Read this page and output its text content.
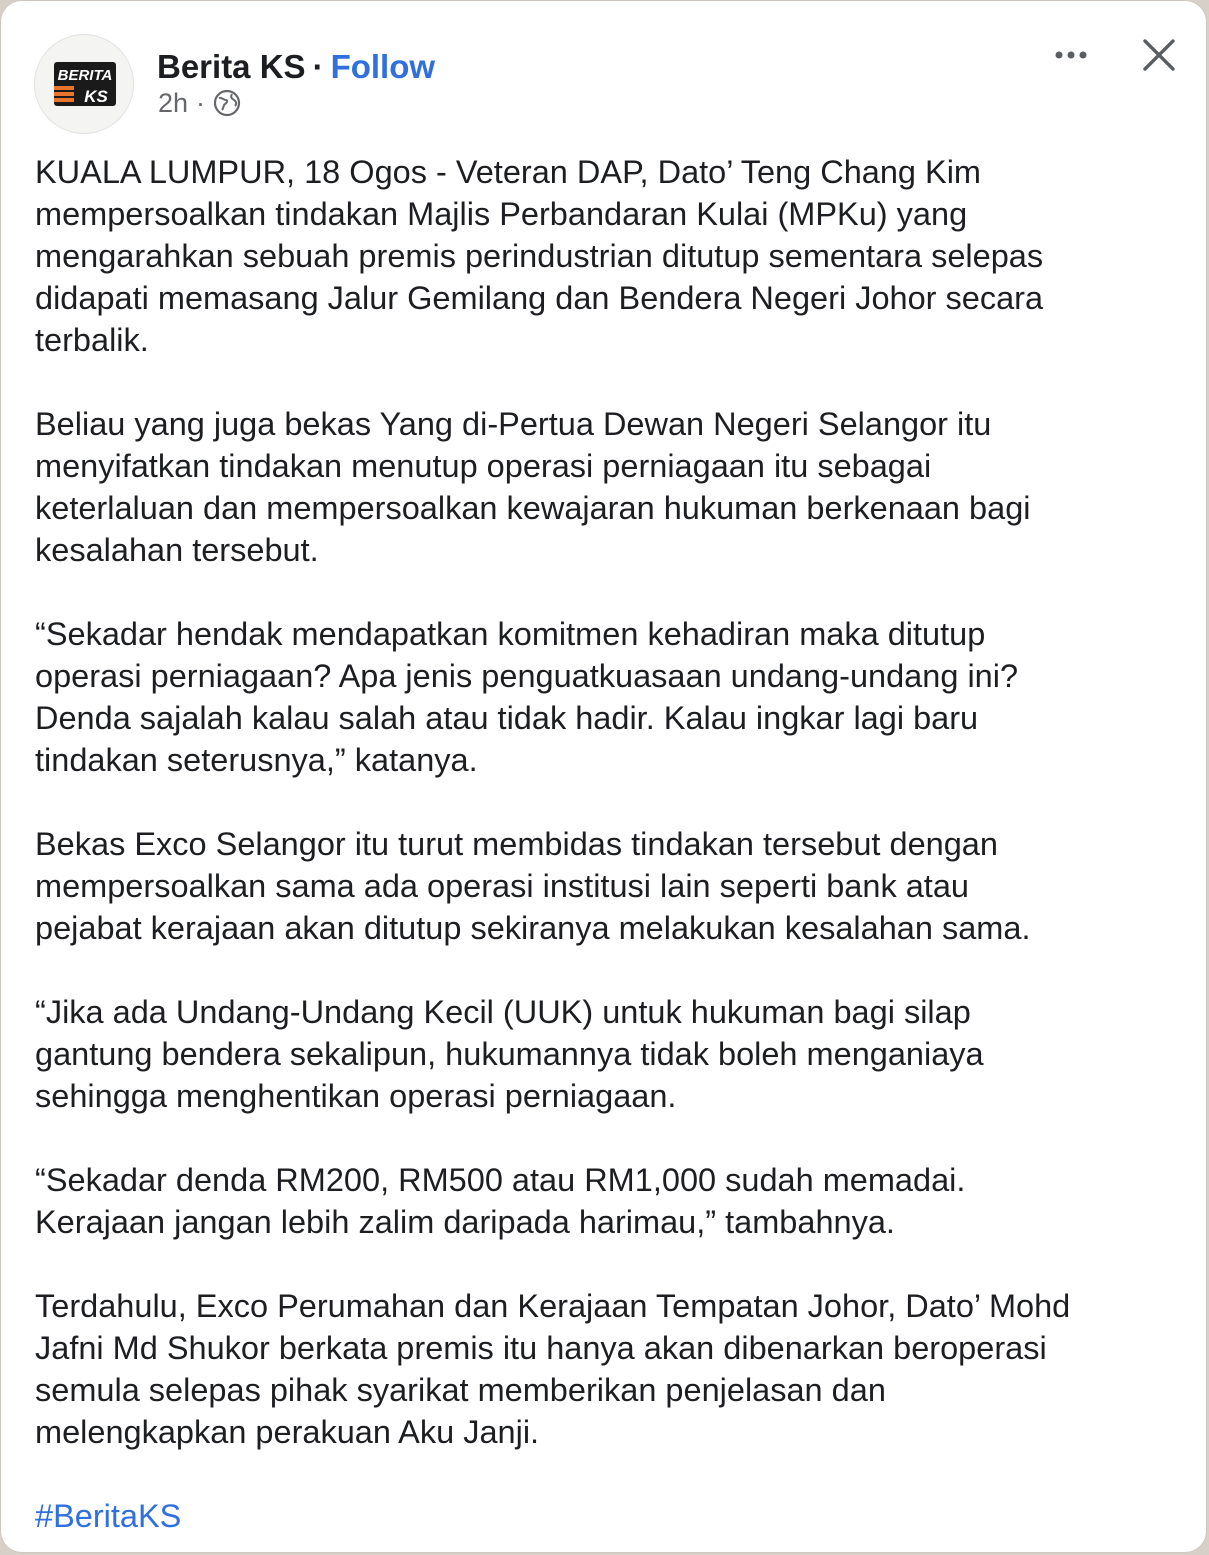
BERITA
KS
Berita KS · Follow
2h ·

KUALA LUMPUR, 18 Ogos - Veteran DAP, Dato’ Teng Chang Kim
mempersoalkan tindakan Majlis Perbandaran Kulai (MPKu) yang
mengarahkan sebuah premis perindustrian ditutup sementara selepas
didapati memasang Jalur Gemilang dan Bendera Negeri Johor secara
terbalik.

Beliau yang juga bekas Yang di-Pertua Dewan Negeri Selangor itu
menyifatkan tindakan menutup operasi perniagaan itu sebagai
keterlaluan dan mempersoalkan kewajaran hukuman berkenaan bagi
kesalahan tersebut.

“Sekadar hendak mendapatkan komitmen kehadiran maka ditutup
operasi perniagaan? Apa jenis penguatkuasaan undang-undang ini?
Denda sajalah kalau salah atau tidak hadir. Kalau ingkar lagi baru
tindakan seterusnya,” katanya.

Bekas Exco Selangor itu turut membidas tindakan tersebut dengan
mempersoalkan sama ada operasi institusi lain seperti bank atau
pejabat kerajaan akan ditutup sekiranya melakukan kesalahan sama.

“Jika ada Undang-Undang Kecil (UUK) untuk hukuman bagi silap
gantung bendera sekalipun, hukumannya tidak boleh menganiaya
sehingga menghentikan operasi perniagaan.

“Sekadar denda RM200, RM500 atau RM1,000 sudah memadai.
Kerajaan jangan lebih zalim daripada harimau,” tambahnya.

Terdahulu, Exco Perumahan dan Kerajaan Tempatan Johor, Dato’ Mohd
Jafni Md Shukor berkata premis itu hanya akan dibenarkan beroperasi
semula selepas pihak syarikat memberikan penjelasan dan
melengkapkan perakuan Aku Janji.

#BeritaKS
